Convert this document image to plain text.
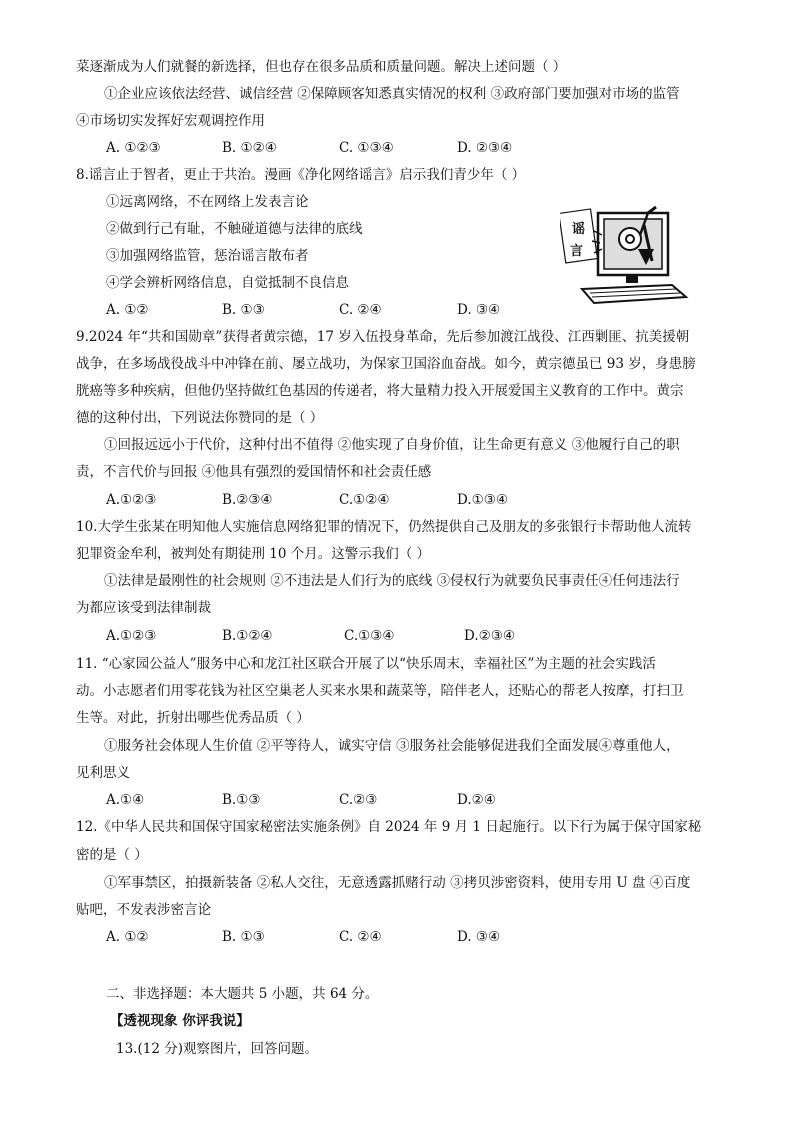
菜逐渐成为人们就餐的新选择，但也存在很多品质和质量问题。解决上述问题（ ）
①企业应该依法经营、诚信经营 ②保障顾客知悉真实情况的权利 ③政府部门要加强对市场的监管
④市场切实发挥好宏观调控作用
A. ①②③	B. ①②④	C. ①③④	D. ②③④
8.谣言止于智者，更止于共治。漫画《净化网络谣言》启示我们青少年（ ）
①远离网络，不在网络上发表言论
②做到行己有耻，不触碰道德与法律的底线
③加强网络监管，惩治谣言散布者
④学会辨析网络信息，自觉抵制不良信息
A. ①②	B. ①③	C. ②④	D. ③④
谣
言
9.2024 年“共和国勋章”获得者黄宗德，17 岁入伍投身革命，先后参加渡江战役、江西剿匪、抗美援朝
战争，在多场战役战斗中冲锋在前、屡立战功，为保家卫国浴血奋战。如今，黄宗德虽已 93 岁，身患膀
胱癌等多种疾病，但他仍坚持做红色基因的传递者，将大量精力投入开展爱国主义教育的工作中。黄宗
德的这种付出，下列说法你赞同的是（ ）
①回报远远小于代价，这种付出不值得 ②他实现了自身价值，让生命更有意义 ③他履行自己的职
责，不言代价与回报 ④他具有强烈的爱国情怀和社会责任感
A.①②③	B.②③④	C.①②④	D.①③④
10.大学生张某在明知他人实施信息网络犯罪的情况下，仍然提供自己及朋友的多张银行卡帮助他人流转
犯罪资金牟利，被判处有期徒刑 10 个月。这警示我们（ ）
①法律是最刚性的社会规则 ②不违法是人们行为的底线 ③侵权行为就要负民事责任④任何违法行
为都应该受到法律制裁
A.①②③	B.①②④	C.①③④	D.②③④
11. “心家园公益人”服务中心和龙江社区联合开展了以“快乐周末，幸福社区”为主题的社会实践活
动。小志愿者们用零花钱为社区空巢老人买来水果和蔬菜等，陪伴老人，还贴心的帮老人按摩，打扫卫
生等。对此，折射出哪些优秀品质（ ）
①服务社会体现人生价值 ②平等待人，诚实守信 ③服务社会能够促进我们全面发展④尊重他人，
见利思义
A.①④	B.①③	C.②③	D.②④
12.《中华人民共和国保守国家秘密法实施条例》自 2024 年 9 月 1 日起施行。以下行为属于保守国家秘
密的是（ ）
①军事禁区，拍摄新装备 ②私人交往，无意透露抓赌行动 ③拷贝涉密资料，使用专用 U 盘 ④百度
贴吧，不发表涉密言论
A. ①②	B. ①③	C. ②④	D. ③④
二、非选择题：本大题共 5 小题，共 64 分。
【透视现象 你评我说】
13.(12 分)观察图片，回答问题。
